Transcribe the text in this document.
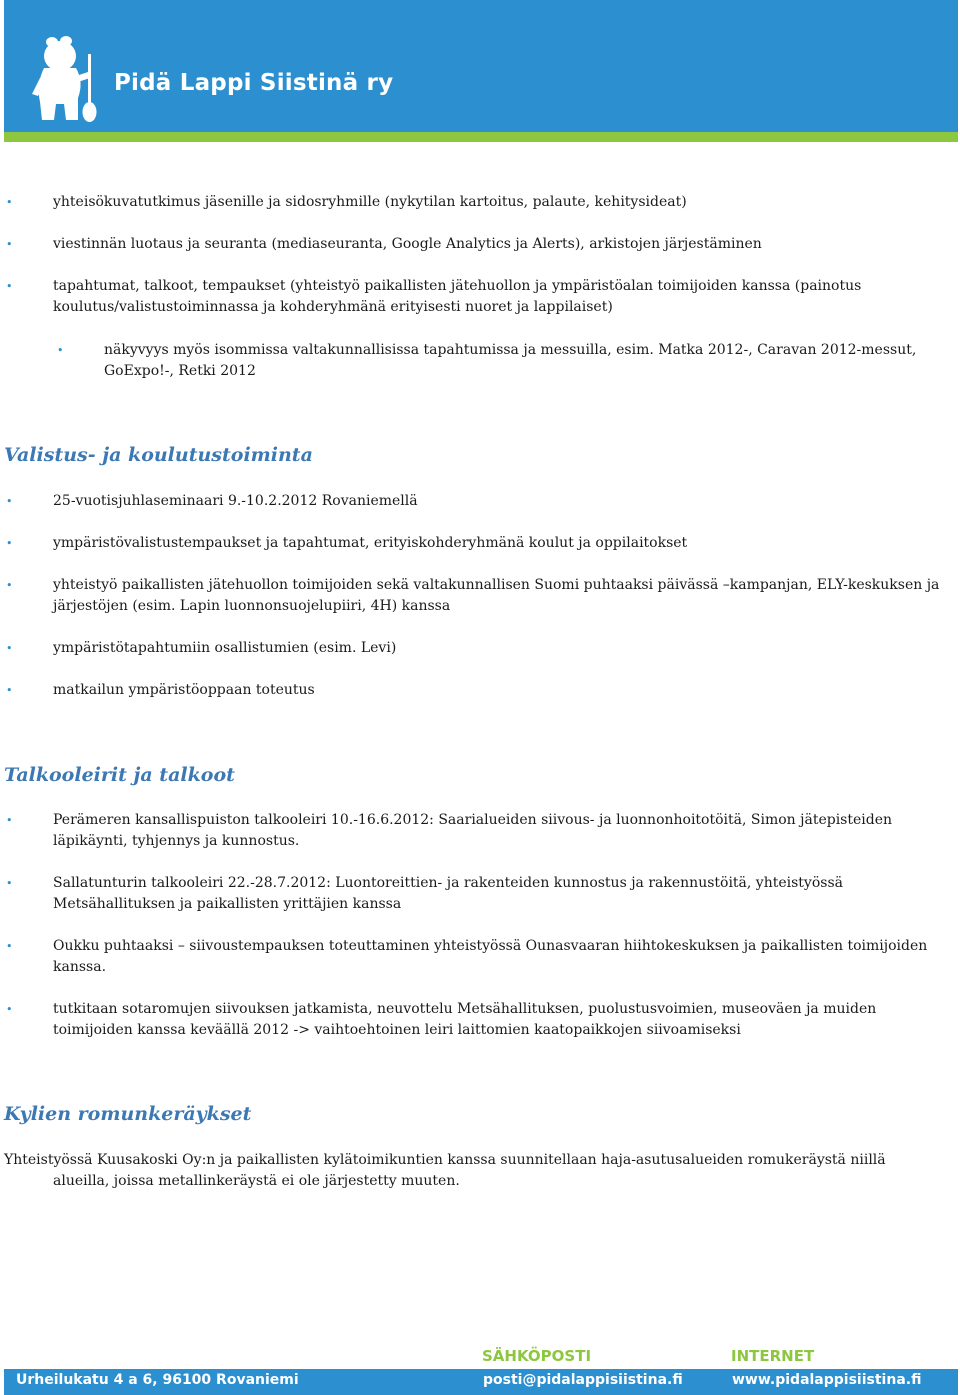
Pidä Lappi Siistinä ry
•	yhteisökuvatutkimus jäsenille ja sidosryhmille (nykytilan kartoitus, palaute, kehitysideat)
•	viestinnän luotaus ja seuranta (mediaseuranta, Google Analytics ja Alerts), arkistojen järjestäminen
•	tapahtumat, talkoot, tempaukset (yhteistyö paikallisten jätehuollon ja ympäristöalan toimijoiden kanssa (painotus koulutus/valistustoiminnassa ja kohderyhmänä erityisesti nuoret ja lappilaiset)
•	näkyvyys myös isommissa valtakunnallisissa tapahtumissa ja messuilla, esim. Matka 2012-, Caravan 2012-messut, GoExpo!-, Retki 2012
Valistus- ja koulutustoiminta
•	25-vuotisjuhlaseminaari 9.-10.2.2012 Rovaniemellä
•	ympäristövalistustempaukset ja tapahtumat, erityiskohderyhmänä koulut ja oppilaitokset
•	yhteistyö paikallisten jätehuollon toimijoiden sekä valtakunnallisen Suomi puhtaaksi päivässä –kampanjan, ELY-keskuksen ja järjestöjen (esim. Lapin luonnonsuojelupiiri, 4H) kanssa
•	ympäristötapahtumiin osallistumien (esim. Levi)
•	matkailun ympäristöoppaan toteutus
Talkooleirit ja talkoot
•	Perämeren kansallispuiston talkooleiri 10.-16.6.2012: Saarialueiden siivous- ja luonnonhoitotöitä, Simon jätepisteiden läpikäynti, tyhjennys ja kunnostus.
•	Sallatunturin talkooleiri 22.-28.7.2012: Luontoreittien- ja rakenteiden kunnostus ja rakennustöitä, yhteistyössä Metsähallituksen ja paikallisten yrittäjien kanssa
•	Oukku puhtaaksi – siivoustempauksen toteuttaminen yhteistyössä Ounasvaaran hiihtokeskuksen ja paikallisten toimijoiden kanssa.
•	tutkitaan sotaromujen siivouksen jatkamista, neuvottelu Metsähallituksen, puolustusvoimien, museoväen ja muiden toimijoiden kanssa keväällä 2012 -> vaihtoehtoinen leiri laittomien kaatopaikkojen siivoamiseksi
Kylien romunkeräykset
Yhteistyössä Kuusakoski Oy:n ja paikallisten kylätoimikuntien kanssa suunnitellaan haja-asutusalueiden romukeräystä niillä
alueilla, joissa metallinkeräystä ei ole järjestetty muuten.
SÄHKÖPOSTI	INTERNET
Urheilukatu 4 a 6, 96100 Rovaniemi	posti@pidalappisiistina.fi	www.pidalappisiistina.fi
